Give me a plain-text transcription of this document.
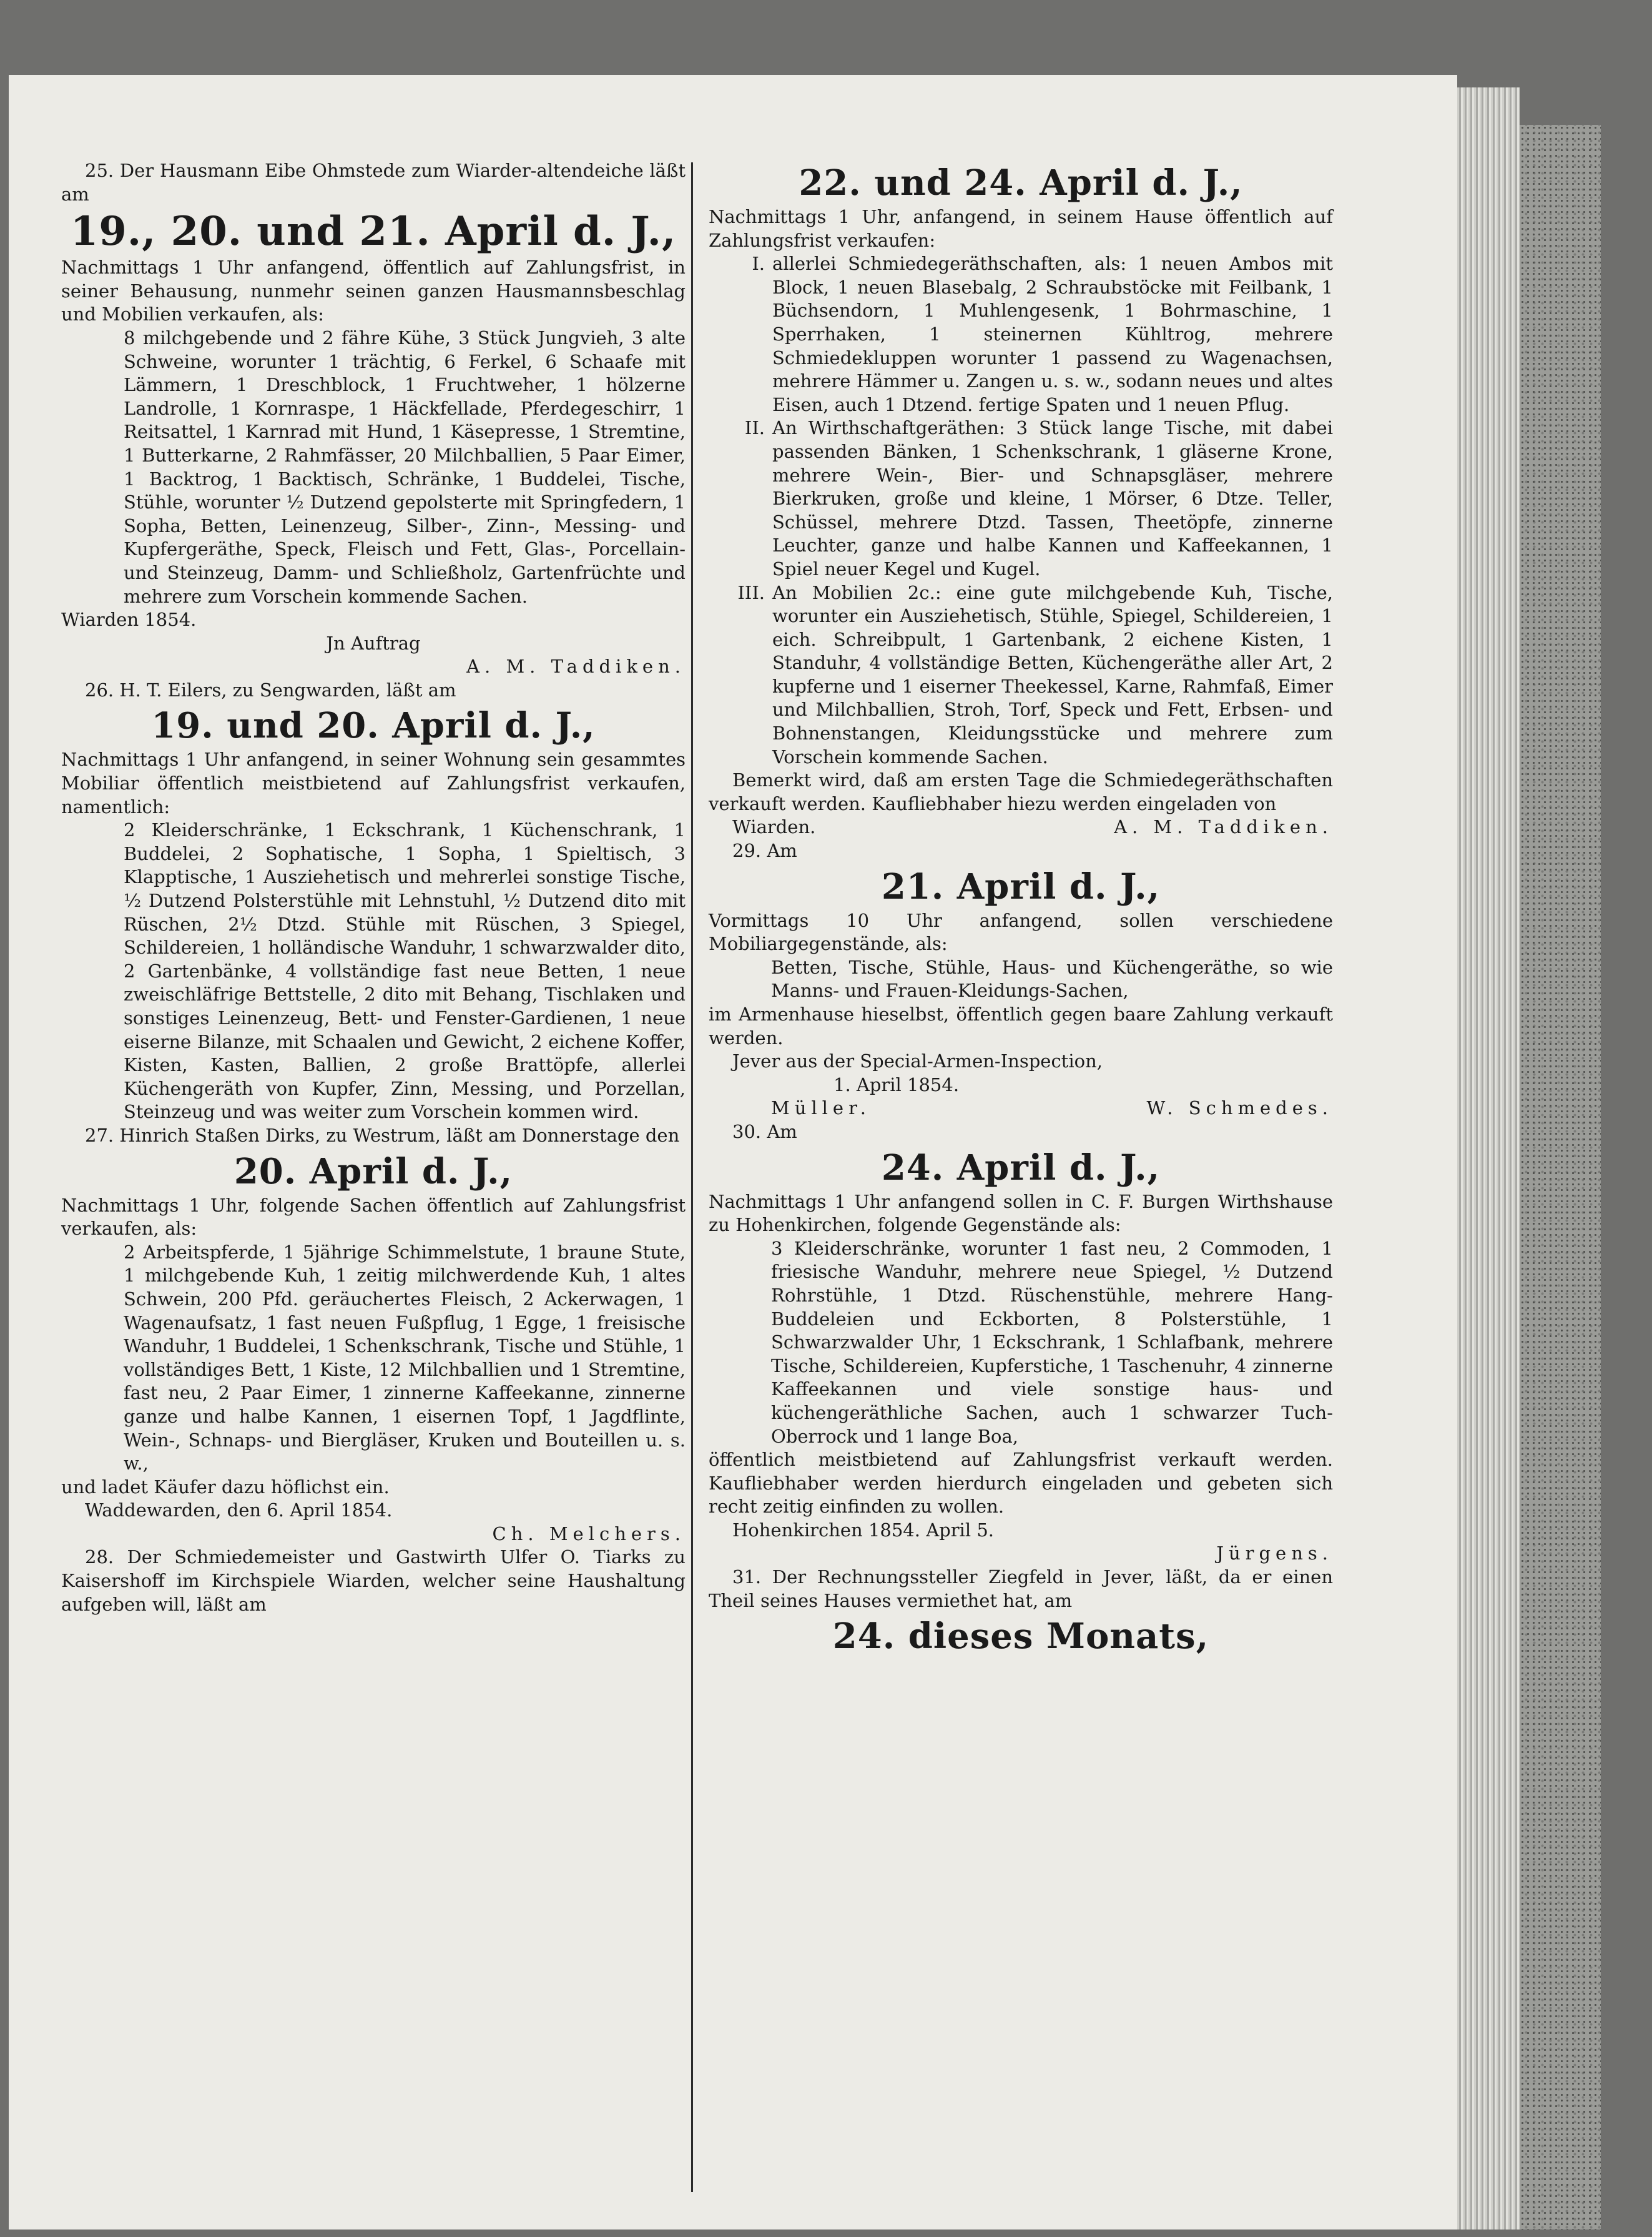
25. Der Hausmann Eibe Ohmstede zum Wiarder-altendeiche läßt am

19., 20. und 21. April d. J.,

Nachmittags 1 Uhr anfangend, öffentlich auf Zahlungsfrist, in seiner Behausung, nunmehr seinen ganzen Hausmannsbeschlag und Mobilien verkaufen, als:

8 milchgebende und 2 fähre Kühe, 3 Stück Jungvieh, 3 alte Schweine, worunter 1 trächtig, 6 Ferkel, 6 Schaafe mit Lämmern, 1 Dreschblock, 1 Fruchtweher, 1 hölzerne Landrolle, 1 Kornraspe, 1 Häckfellade, Pferdegeschirr, 1 Reitsattel, 1 Karnrad mit Hund, 1 Käsepresse, 1 Stremtine, 1 Butterkarne, 2 Rahmfässer, 20 Milchballien, 5 Paar Eimer, 1 Backtrog, 1 Backtisch, Schränke, 1 Buddelei, Tische, Stühle, worunter ½ Dutzend gepolsterte mit Springfedern, 1 Sopha, Betten, Leinenzeug, Silber-, Zinn-, Messing- und Kupfergeräthe, Speck, Fleisch und Fett, Glas-, Porcellain- und Steinzeug, Damm- und Schließholz, Gartenfrüchte und mehrere zum Vorschein kommende Sachen.

Wiarden 1854.

Jn Auftrag

A. M. Taddiken.

26. H. T. Eilers, zu Sengwarden, läßt am

19. und 20. April d. J.,

Nachmittags 1 Uhr anfangend, in seiner Wohnung sein gesammtes Mobiliar öffentlich meistbietend auf Zahlungsfrist verkaufen, namentlich:

2 Kleiderschränke, 1 Eckschrank, 1 Küchenschrank, 1 Buddelei, 2 Sophatische, 1 Sopha, 1 Spieltisch, 3 Klapptische, 1 Ausziehetisch und mehrerlei sonstige Tische, ½ Dutzend Polsterstühle mit Lehnstuhl, ½ Dutzend dito mit Rüschen, 2½ Dtzd. Stühle mit Rüschen, 3 Spiegel, Schildereien, 1 holländische Wanduhr, 1 schwarzwalder dito, 2 Gartenbänke, 4 vollständige fast neue Betten, 1 neue zweischläfrige Bettstelle, 2 dito mit Behang, Tischlaken und sonstiges Leinenzeug, Bett- und Fenster-Gardienen, 1 neue eiserne Bilanze, mit Schaalen und Gewicht, 2 eichene Koffer, Kisten, Kasten, Ballien, 2 große Brattöpfe, allerlei Küchengeräth von Kupfer, Zinn, Messing, und Porzellan, Steinzeug und was weiter zum Vorschein kommen wird.

27. Hinrich Staßen Dirks, zu Westrum, läßt am Donnerstage den

20. April d. J.,

Nachmittags 1 Uhr, folgende Sachen öffentlich auf Zahlungsfrist verkaufen, als:

2 Arbeitspferde, 1 5jährige Schimmelstute, 1 braune Stute, 1 milchgebende Kuh, 1 zeitig milchwerdende Kuh, 1 altes Schwein, 200 Pfd. geräuchertes Fleisch, 2 Ackerwagen, 1 Wagenaufsatz, 1 fast neuen Fußpflug, 1 Egge, 1 freisische Wanduhr, 1 Buddelei, 1 Schenkschrank, Tische und Stühle, 1 vollständiges Bett, 1 Kiste, 12 Milchballien und 1 Stremtine, fast neu, 2 Paar Eimer, 1 zinnerne Kaffeekanne, zinnerne ganze und halbe Kannen, 1 eisernen Topf, 1 Jagdflinte, Wein-, Schnaps- und Biergläser, Kruken und Bouteillen u. s. w.,

und ladet Käufer dazu höflichst ein.

Waddewarden, den 6. April 1854.

Ch. Melchers.

28. Der Schmiedemeister und Gastwirth Ulfer O. Tiarks zu Kaisershoff im Kirchspiele Wiarden, welcher seine Haushaltung aufgeben will, läßt am

22. und 24. April d. J.,

Nachmittags 1 Uhr, anfangend, in seinem Hause öffentlich auf Zahlungsfrist verkaufen:

I. allerlei Schmiedegeräthschaften, als: 1 neuen Ambos mit Block, 1 neuen Blasebalg, 2 Schraubstöcke mit Feilbank, 1 Büchsendorn, 1 Muhlengesenk, 1 Bohrmaschine, 1 Sperrhaken, 1 steinernen Kühltrog, mehrere Schmiedekluppen worunter 1 passend zu Wagenachsen, mehrere Hämmer u. Zangen u. s. w., sodann neues und altes Eisen, auch 1 Dtzend. fertige Spaten und 1 neuen Pflug.
II. An Wirthschaftgeräthen: 3 Stück lange Tische, mit dabei passenden Bänken, 1 Schenkschrank, 1 gläserne Krone, mehrere Wein-, Bier- und Schnapsgläser, mehrere Bierkruken, große und kleine, 1 Mörser, 6 Dtze. Teller, Schüssel, mehrere Dtzd. Tassen, Theetöpfe, zinnerne Leuchter, ganze und halbe Kannen und Kaffeekannen, 1 Spiel neuer Kegel und Kugel.
III. An Mobilien 2c.: eine gute milchgebende Kuh, Tische, worunter ein Ausziehetisch, Stühle, Spiegel, Schildereien, 1 eich. Schreibpult, 1 Gartenbank, 2 eichene Kisten, 1 Standuhr, 4 vollständige Betten, Küchengeräthe aller Art, 2 kupferne und 1 eiserner Theekessel, Karne, Rahmfaß, Eimer und Milchballien, Stroh, Torf, Speck und Fett, Erbsen- und Bohnenstangen, Kleidungsstücke und mehrere zum Vorschein kommende Sachen.

Bemerkt wird, daß am ersten Tage die Schmiedegeräthschaften verkauft werden. Kaufliebhaber hiezu werden eingeladen von

Wiarden.	A. M. Taddiken.

29. Am

21. April d. J.,

Vormittags 10 Uhr anfangend, sollen verschiedene Mobiliargegenstände, als:

Betten, Tische, Stühle, Haus- und Küchengeräthe, so wie Manns- und Frauen-Kleidungs-Sachen,

im Armenhause hieselbst, öffentlich gegen baare Zahlung verkauft werden.

Jever aus der Special-Armen-Inspection,

1. April 1854.

Müller.	W. Schmedes.

30. Am

24. April d. J.,

Nachmittags 1 Uhr anfangend sollen in C. F. Burgen Wirthshause zu Hohenkirchen, folgende Gegenstände als:

3 Kleiderschränke, worunter 1 fast neu, 2 Commoden, 1 friesische Wanduhr, mehrere neue Spiegel, ½ Dutzend Rohrstühle, 1 Dtzd. Rüschenstühle, mehrere Hang-Buddeleien und Eckborten, 8 Polsterstühle, 1 Schwarzwalder Uhr, 1 Eckschrank, 1 Schlafbank, mehrere Tische, Schildereien, Kupferstiche, 1 Taschenuhr, 4 zinnerne Kaffeekannen und viele sonstige haus- und küchengeräthliche Sachen, auch 1 schwarzer Tuch-Oberrock und 1 lange Boa,

öffentlich meistbietend auf Zahlungsfrist verkauft werden. Kaufliebhaber werden hierdurch eingeladen und gebeten sich recht zeitig einfinden zu wollen.

Hohenkirchen 1854. April 5.

Jürgens.

31. Der Rechnungssteller Ziegfeld in Jever, läßt, da er einen Theil seines Hauses vermiethet hat, am

24. dieses Monats,
